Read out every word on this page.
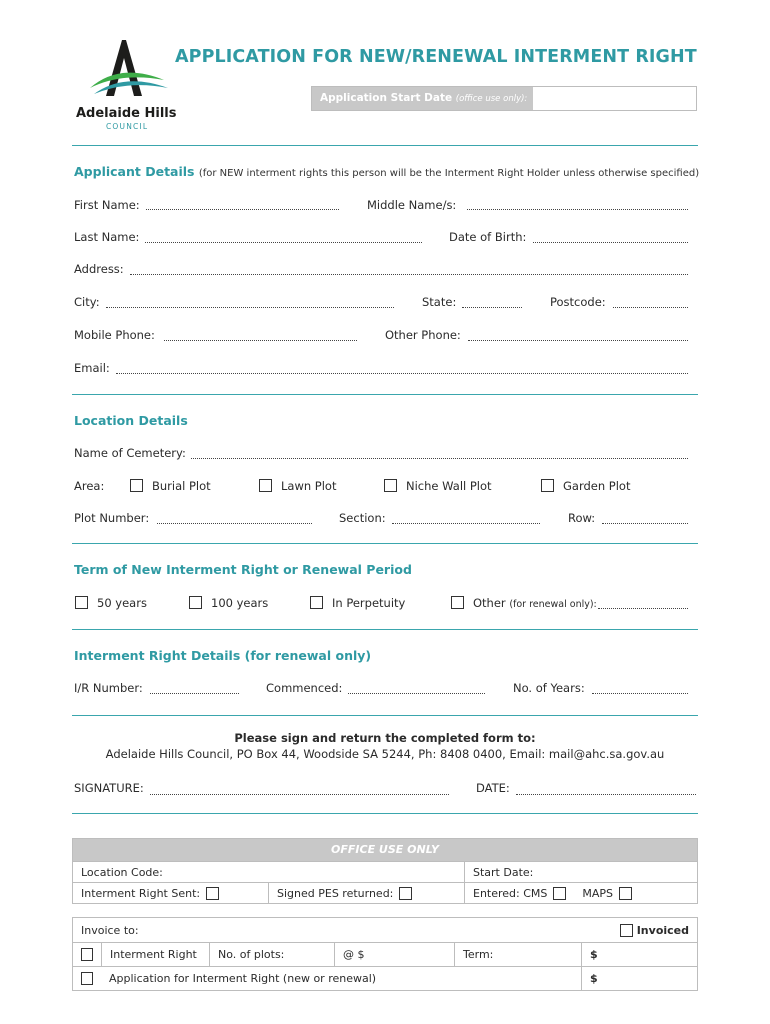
Adelaide Hills
COUNCIL
APPLICATION FOR NEW/RENEWAL INTERMENT RIGHT
Application Start Date (office use only):
Applicant Details (for NEW interment rights this person will be the Interment Right Holder unless otherwise specified)
First Name:	Middle Name/s:
Last Name:	Date of Birth:
Address:
City:	State:	Postcode:
Mobile Phone:	Other Phone:
Email:
Location Details
Name of Cemetery:
Area:	Burial Plot	Lawn Plot	Niche Wall Plot	Garden Plot
Plot Number:	Section:	Row:
Term of New Interment Right or Renewal Period
50 years	100 years	In Perpetuity	Other (for renewal only):
Interment Right Details (for renewal only)
I/R Number:	Commenced:	No. of Years:
Please sign and return the completed form to:
Adelaide Hills Council, PO Box 44, Woodside SA 5244, Ph: 8408 0400, Email: mail@ahc.sa.gov.au
SIGNATURE:	DATE:
OFFICE USE ONLY
Location Code:	Start Date:
Interment Right Sent:	Signed PES returned:	Entered: CMS	MAPS
Invoice to:	Invoiced
Interment Right	No. of plots:	@ $	Term:	$
Application for Interment Right (new or renewal)	$
